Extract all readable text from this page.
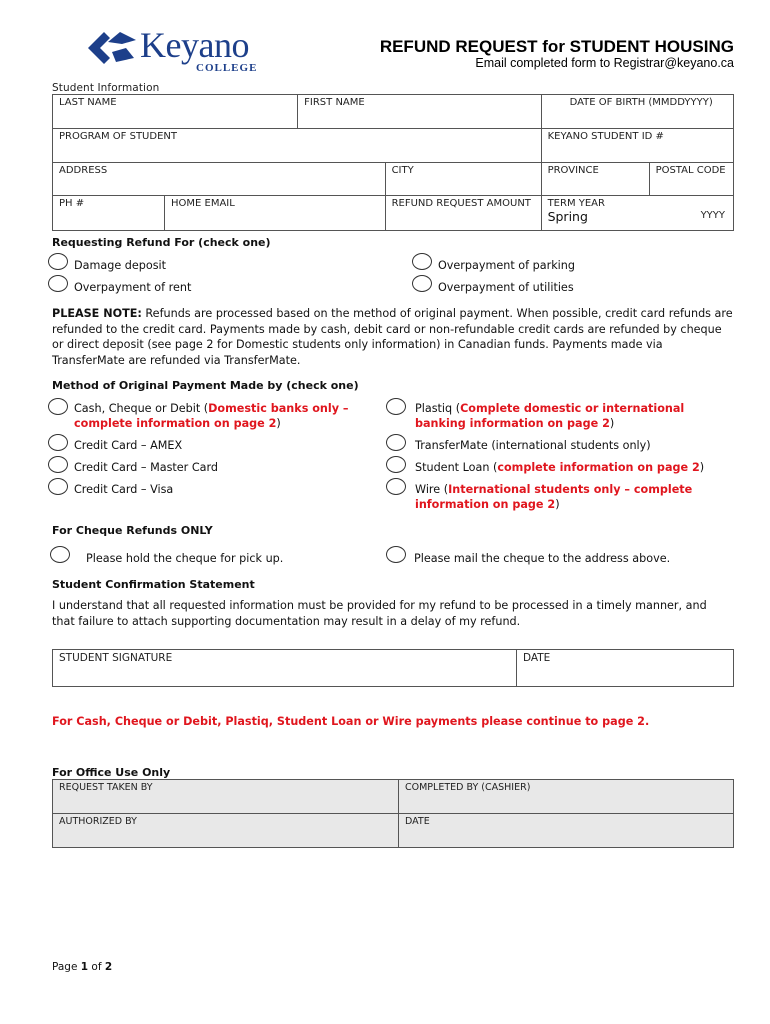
Keyano
COLLEGE
REFUND REQUEST for STUDENT HOUSING
Email completed form to Registrar@keyano.ca
Student Information
LAST NAME		FIRST NAME		DATE OF BIRTH (MMDDYYYY)	
PROGRAM OF STUDENT				KEYANO STUDENT ID #	
ADDRESS			CITY	PROVINCE	POSTAL CODE
PH #	HOME EMAIL		REFUND REQUEST AMOUNT	TERM YEAR
Spring YYYY	
Requesting Refund For (check one)
Damage deposit	Overpayment of parking
Overpayment of rent	Overpayment of utilities
PLEASE NOTE: Refunds are processed based on the method of original payment. When possible, credit card refunds are refunded to the credit card. Payments made by cash, debit card or non-refundable credit cards are refunded by cheque or direct deposit (see page 2 for Domestic students only information) in Canadian funds. Payments made via TransferMate are refunded via TransferMate.
Method of Original Payment Made by (check one)
Cash, Cheque or Debit (Domestic banks only – complete information on page 2)
Plastiq (Complete domestic or international banking information on page 2)
Credit Card – AMEX	TransferMate (international students only)
Credit Card – Master Card	Student Loan (complete information on page 2)
Credit Card – Visa	Wire (International students only – complete information on page 2)
For Cheque Refunds ONLY
Please hold the cheque for pick up.	Please mail the cheque to the address above.
Student Confirmation Statement
I understand that all requested information must be provided for my refund to be processed in a timely manner, and that failure to attach supporting documentation may result in a delay of my refund.
STUDENT SIGNATURE	DATE
For Cash, Cheque or Debit, Plastiq, Student Loan or Wire payments please continue to page 2.
For Office Use Only
REQUEST TAKEN BY	COMPLETED BY (CASHIER)
AUTHORIZED BY	DATE
Page 1 of 2
